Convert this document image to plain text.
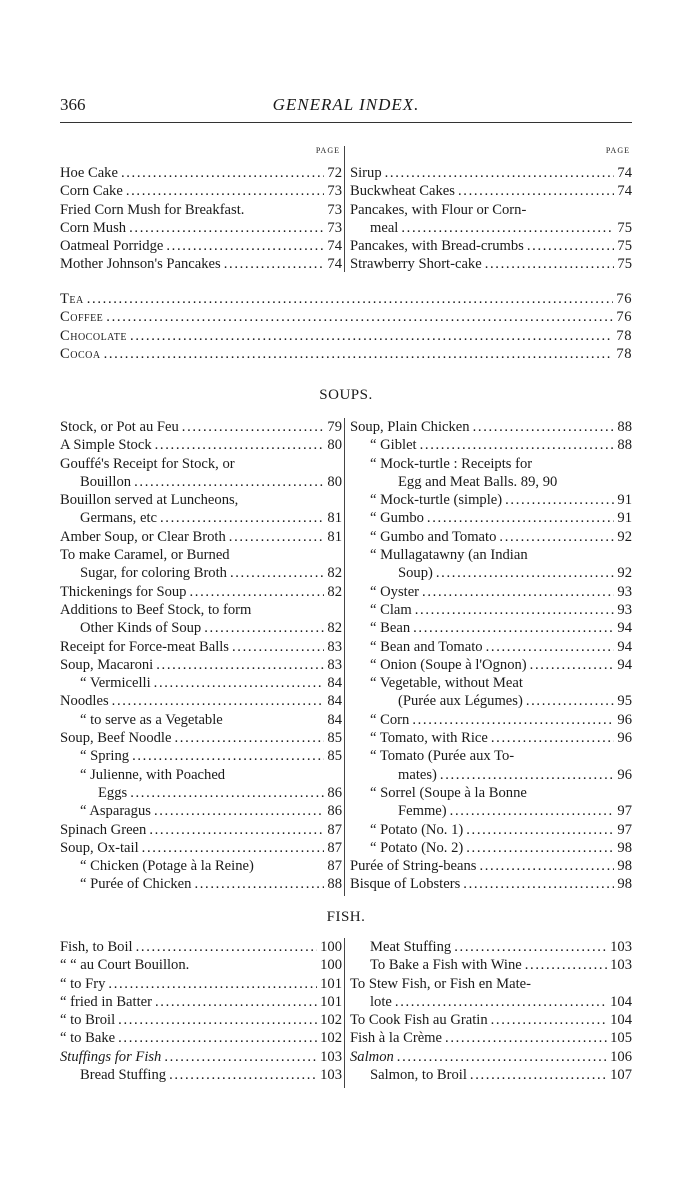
366	GENERAL INDEX.
PAGE
Hoe Cake . . .	72
Corn Cake . . .	73
Fried Corn Mush for Breakfast.	73
Corn Mush . . .	73
Oatmeal Porridge . . .	74
Mother Johnson's Pancakes . . .	74
PAGE
Sirup . . .	74
Buckwheat Cakes . . .	74
Pancakes, with Flour or Corn-
meal . . .	75
Pancakes, with Bread-crumbs . . .	75
Strawberry Short-cake . . .	75
Tea . . .	76
Coffee . . .	76
Chocolate . . .	78
Cocoa . . .	78
SOUPS.
Stock, or Pot au Feu . . .	79
A Simple Stock . . .	80
Gouffé's Receipt for Stock, or
Bouillon . . .	80
Bouillon served at Luncheons,
Germans, etc . . .	81
Amber Soup, or Clear Broth . . .	81
To make Caramel, or Burned
Sugar, for coloring Broth . . .	82
Thickenings for Soup . . .	82
Additions to Beef Stock, to form
Other Kinds of Soup . . .	82
Receipt for Force-meat Balls . . .	83
Soup, Macaroni . . .	83
“ Vermicelli . . .	84
Noodles . . .	84
“ to serve as a Vegetable	84
Soup, Beef Noodle . . .	85
“ Spring . . .	85
“ Julienne, with Poached
Eggs . . .	86
“ Asparagus . . .	86
Spinach Green . . .	87
Soup, Ox-tail . . .	87
“ Chicken (Potage à la Reine)	87
“ Purée of Chicken . . .	88
Soup, Plain Chicken . . .	88
“ Giblet . . .	88
“ Mock-turtle : Receipts for
Egg and Meat Balls. 89, 90
“ Mock-turtle (simple) . . .	91
“ Gumbo . . .	91
“ Gumbo and Tomato . . .	92
“ Mullagatawny (an Indian
Soup) . . .	92
“ Oyster . . .	93
“ Clam . . .	93
“ Bean . . .	94
“ Bean and Tomato . . .	94
“ Onion (Soupe à l'Ognon) . . .	94
“ Vegetable, without Meat
(Purée aux Légumes) . . .	95
“ Corn . . .	96
“ Tomato, with Rice . . .	96
“ Tomato (Purée aux To-
mates) . . .	96
“ Sorrel (Soupe à la Bonne
Femme) . . .	97
“ Potato (No. 1) . . .	97
“ Potato (No. 2) . . .	98
Purée of String-beans . . .	98
Bisque of Lobsters . . .	98
FISH.
Fish, to Boil . . .	100
“ “ au Court Bouillon.	100
“ to Fry . . .	101
“ fried in Batter . . .	101
“ to Broil . . .	102
“ to Bake . . .	102
Stuffings for Fish . . .	103
Bread Stuffing . . .	103
Meat Stuffing . . .	103
To Bake a Fish with Wine . . .	103
To Stew Fish, or Fish en Mate-
lote . . .	104
To Cook Fish au Gratin . . .	104
Fish à la Crème . . .	105
Salmon . . .	106
Salmon, to Broil . . .	107
